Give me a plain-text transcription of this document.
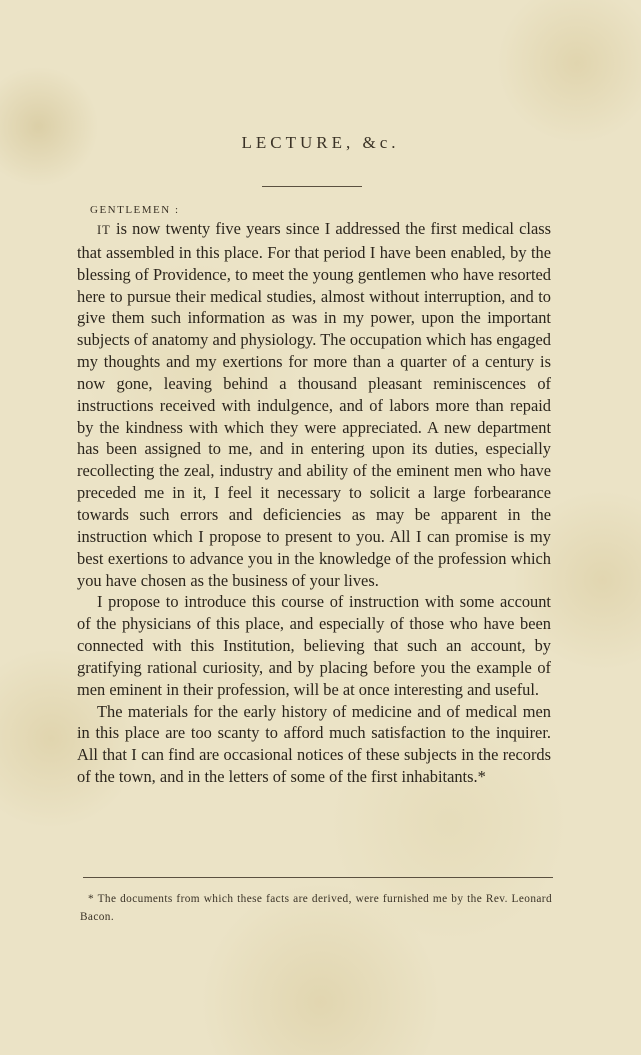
LECTURE, &c.
GENTLEMEN :

IT is now twenty five years since I addressed the first medical class that assembled in this place. For that period I have been enabled, by the blessing of Providence, to meet the young gentlemen who have resorted here to pursue their medical studies, almost without interruption, and to give them such information as was in my power, upon the important subjects of anatomy and physiology. The occupation which has engaged my thoughts and my exertions for more than a quarter of a century is now gone, leaving behind a thousand pleasant reminiscences of instructions received with indulgence, and of labors more than repaid by the kindness with which they were appreciated. A new department has been assigned to me, and in entering upon its duties, especially recollecting the zeal, industry and ability of the eminent men who have preceded me in it, I feel it necessary to solicit a large forbearance towards such errors and deficiencies as may be apparent in the instruction which I propose to present to you. All I can promise is my best exertions to advance you in the knowledge of the profession which you have chosen as the business of your lives.

I propose to introduce this course of instruction with some account of the physicians of this place, and especially of those who have been connected with this Institution, believing that such an account, by gratifying rational curiosity, and by placing before you the example of men eminent in their profession, will be at once interesting and useful.

The materials for the early history of medicine and of medical men in this place are too scanty to afford much satisfaction to the inquirer. All that I can find are occasional notices of these subjects in the records of the town, and in the letters of some of the first inhabitants.*

* The documents from which these facts are derived, were furnished me by the Rev. Leonard Bacon.
